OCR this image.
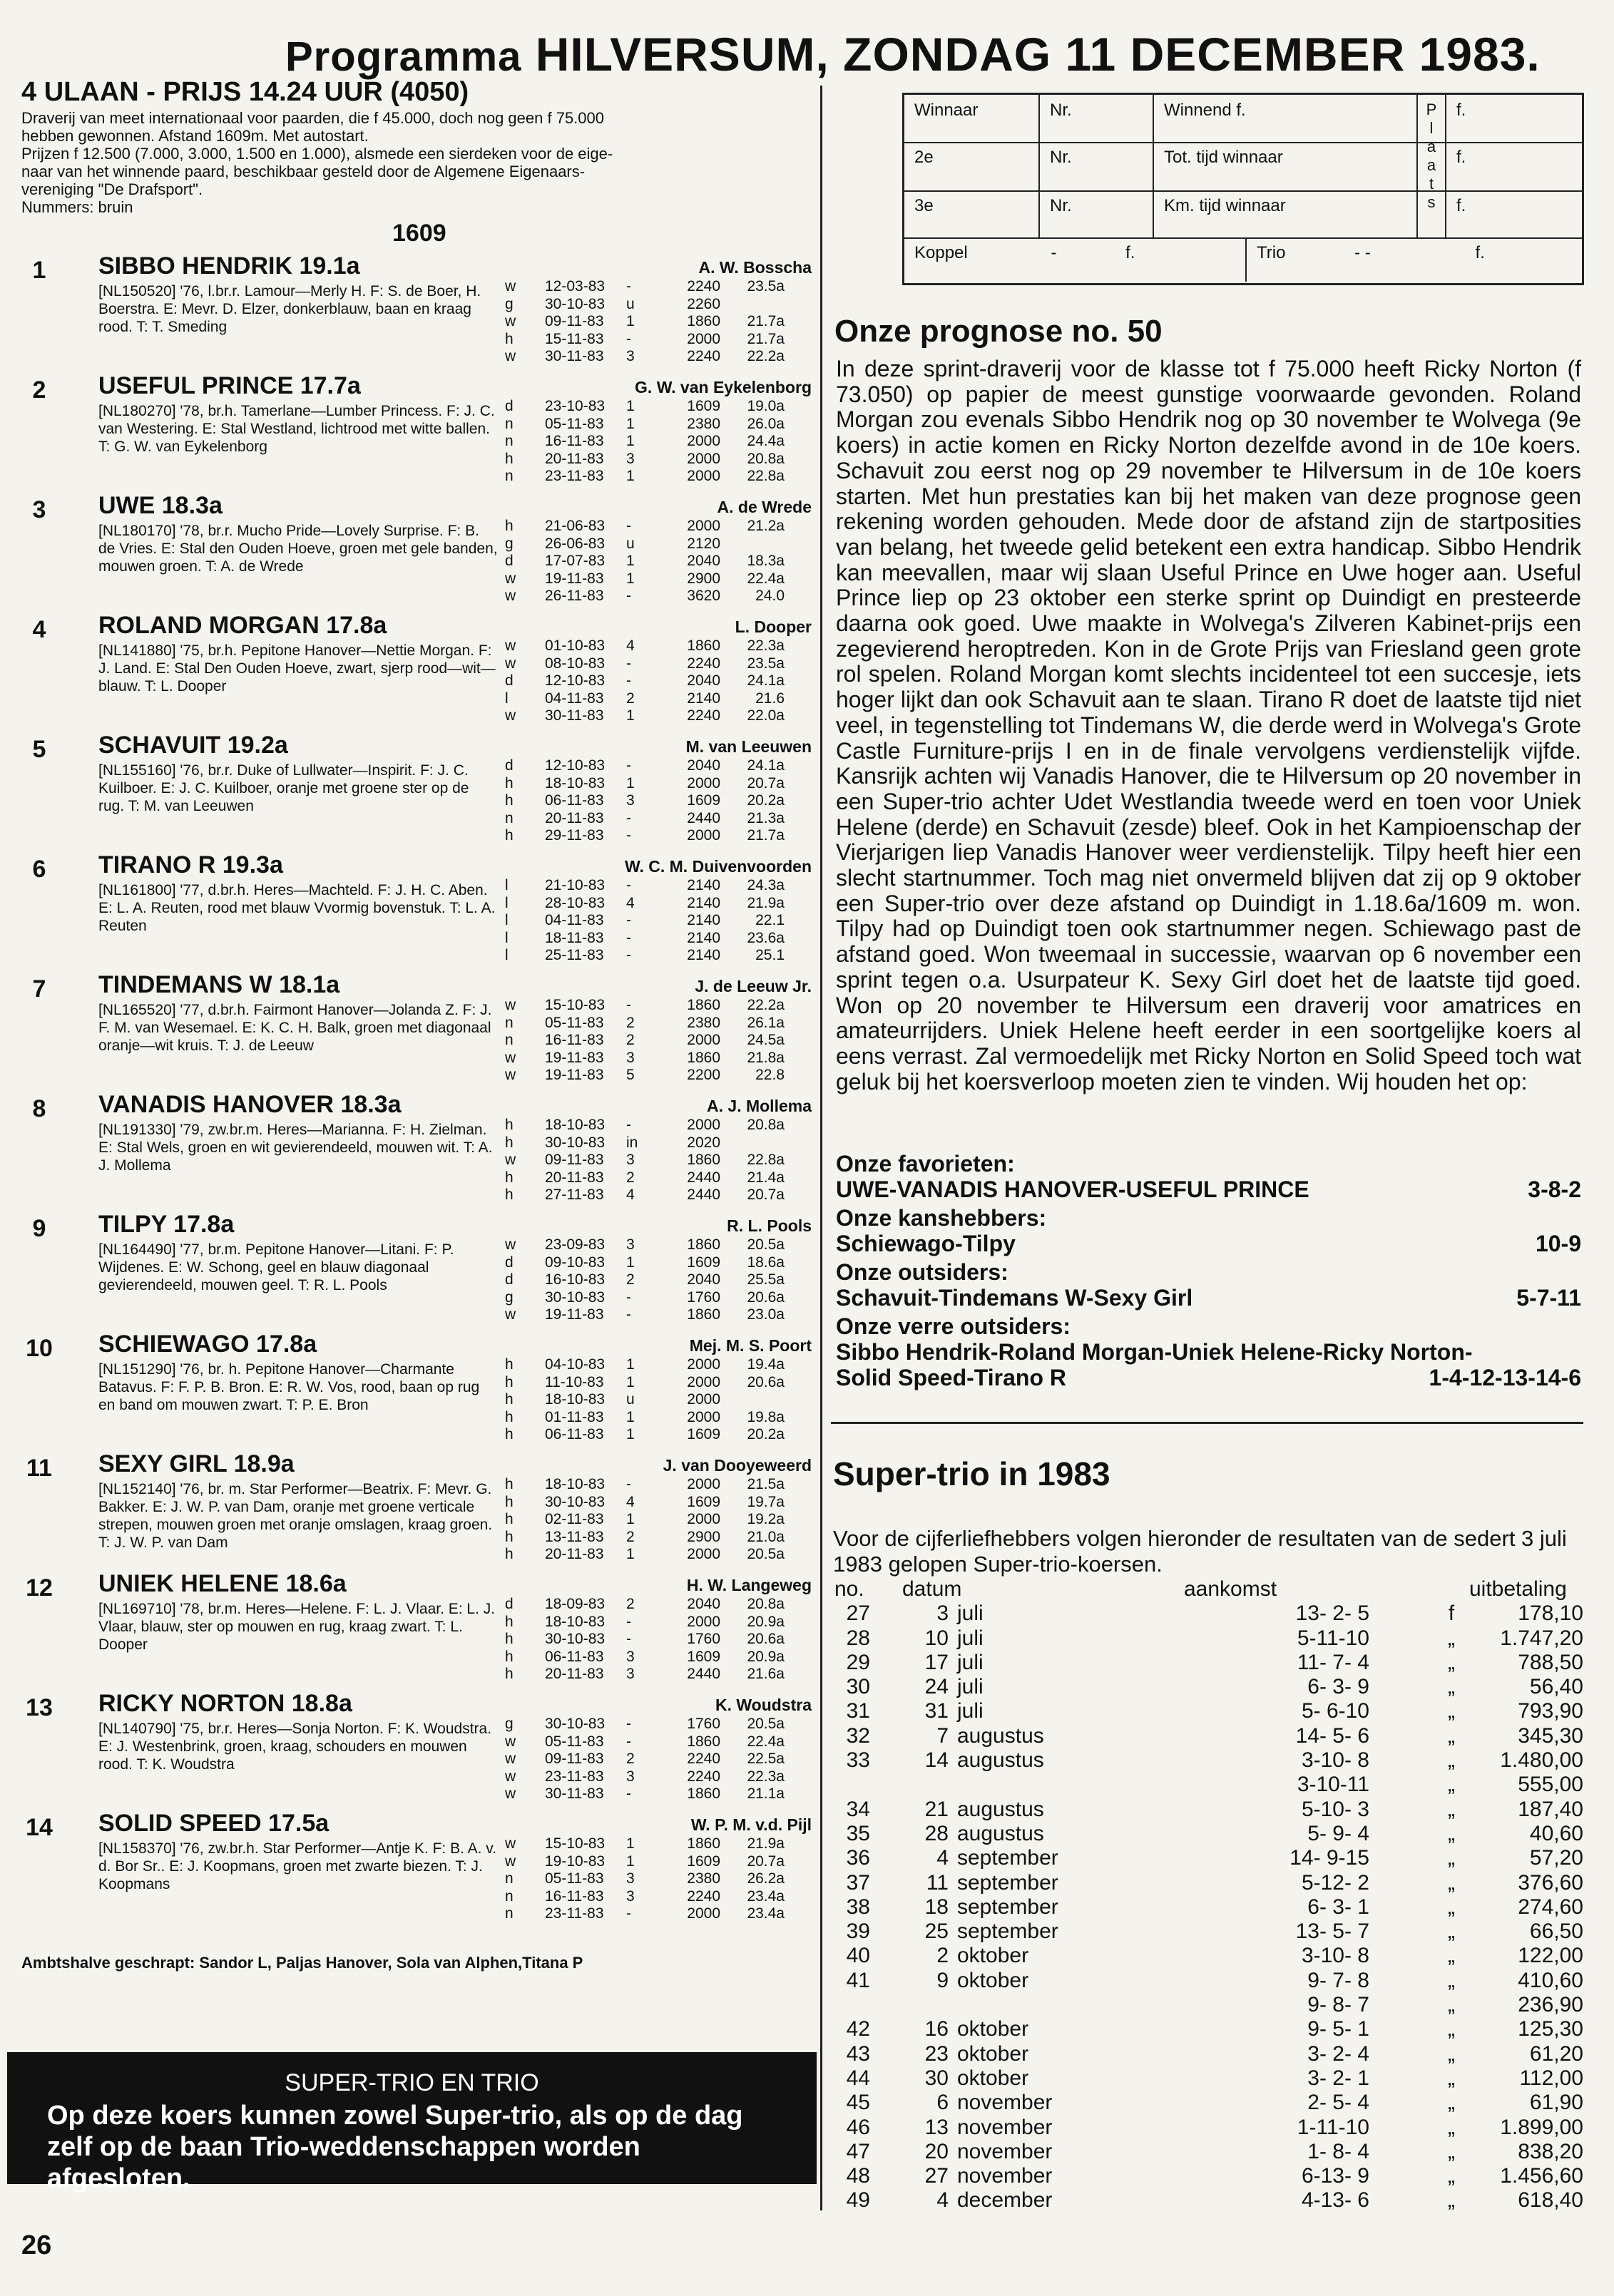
Programma HILVERSUM, ZONDAG 11 DECEMBER 1983.
4 ULAAN - PRIJS 14.24 UUR (4050)
Draverij van meet internationaal voor paarden, die f 45.000, doch nog geen f 75.000
hebben gewonnen. Afstand 1609m. Met autostart.
Prijzen f 12.500 (7.000, 3.000, 1.500 en 1.000), alsmede een sierdeken voor de eige-
naar van het winnende paard, beschikbaar gesteld door de Algemene Eigenaars-
vereniging "De Drafsport".
Nummers: bruin
1609
1	SIBBO HENDRIK 19.1a	A. W. Bosscha
[NL150520] '76, l.br.r. Lamour—Merly H. F: S. de Boer, H. Boerstra. E: Mevr. D. Elzer, donkerblauw, baan en kraag rood. T: T. Smeding
w	12-03-83	-	2240	23.5a
g	30-10-83	u	2260
w	09-11-83	1	1860	21.7a
h	15-11-83	-	2000	21.7a
w	30-11-83	3	2240	22.2a
2	USEFUL PRINCE 17.7a	G. W. van Eykelenborg
[NL180270] '78, br.h. Tamerlane—Lumber Princess. F: J. C. van Westering. E: Stal Westland, lichtrood met witte ballen. T: G. W. van Eykelenborg
d	23-10-83	1	1609	19.0a
n	05-11-83	1	2380	26.0a
n	16-11-83	1	2000	24.4a
h	20-11-83	3	2000	20.8a
n	23-11-83	1	2000	22.8a
3	UWE 18.3a	A. de Wrede
[NL180170] '78, br.r. Mucho Pride—Lovely Surprise. F: B. de Vries. E: Stal den Ouden Hoeve, groen met gele banden, mouwen groen. T: A. de Wrede
h	21-06-83	-	2000	21.2a
g	26-06-83	u	2120
d	17-07-83	1	2040	18.3a
w	19-11-83	1	2900	22.4a
w	26-11-83	-	3620	24.0
4	ROLAND MORGAN 17.8a	L. Dooper
[NL141880] '75, br.h. Pepitone Hanover—Nettie Morgan. F: J. Land. E: Stal Den Ouden Hoeve, zwart, sjerp rood—wit—blauw. T: L. Dooper
w	01-10-83	4	1860	22.3a
w	08-10-83	-	2240	23.5a
d	12-10-83	-	2040	24.1a
l	04-11-83	2	2140	21.6
w	30-11-83	1	2240	22.0a
5	SCHAVUIT 19.2a	M. van Leeuwen
[NL155160] '76, br.r. Duke of Lullwater—Inspirit. F: J. C. Kuilboer. E: J. C. Kuilboer, oranje met groene ster op de rug. T: M. van Leeuwen
d	12-10-83	-	2040	24.1a
h	18-10-83	1	2000	20.7a
h	06-11-83	3	1609	20.2a
n	20-11-83	-	2440	21.3a
h	29-11-83	-	2000	21.7a
6	TIRANO R 19.3a	W. C. M. Duivenvoorden
[NL161800] '77, d.br.h. Heres—Machteld. F: J. H. C. Aben. E: L. A. Reuten, rood met blauw Vvormig bovenstuk. T: L. A. Reuten
l	21-10-83	-	2140	24.3a
l	28-10-83	4	2140	21.9a
l	04-11-83	-	2140	22.1
l	18-11-83	-	2140	23.6a
l	25-11-83	-	2140	25.1
7	TINDEMANS W 18.1a	J. de Leeuw Jr.
[NL165520] '77, d.br.h. Fairmont Hanover—Jolanda Z. F: J. F. M. van Wesemael. E: K. C. H. Balk, groen met diagonaal oranje—wit kruis. T: J. de Leeuw
w	15-10-83	-	1860	22.2a
n	05-11-83	2	2380	26.1a
n	16-11-83	2	2000	24.5a
w	19-11-83	3	1860	21.8a
w	19-11-83	5	2200	22.8
8	VANADIS HANOVER 18.3a	A. J. Mollema
[NL191330] '79, zw.br.m. Heres—Marianna. F: H. Zielman. E: Stal Wels, groen en wit gevierendeeld, mouwen wit. T: A. J. Mollema
h	18-10-83	-	2000	20.8a
h	30-10-83	in	2020
w	09-11-83	3	1860	22.8a
h	20-11-83	2	2440	21.4a
h	27-11-83	4	2440	20.7a
9	TILPY 17.8a	R. L. Pools
[NL164490] '77, br.m. Pepitone Hanover—Litani. F: P. Wijdenes. E: W. Schong, geel en blauw diagonaal gevierendeeld, mouwen geel. T: R. L. Pools
w	23-09-83	3	1860	20.5a
d	09-10-83	1	1609	18.6a
d	16-10-83	2	2040	25.5a
g	30-10-83	-	1760	20.6a
w	19-11-83	-	1860	23.0a
10	SCHIEWAGO 17.8a	Mej. M. S. Poort
[NL151290] '76, br. h. Pepitone Hanover—Charmante Batavus. F: F. P. B. Bron. E: R. W. Vos, rood, baan op rug en band om mouwen zwart. T: P. E. Bron
h	04-10-83	1	2000	19.4a
h	11-10-83	1	2000	20.6a
h	18-10-83	u	2000
h	01-11-83	1	2000	19.8a
h	06-11-83	1	1609	20.2a
11	SEXY GIRL 18.9a	J. van Dooyeweerd
[NL152140] '76, br. m. Star Performer—Beatrix. F: Mevr. G. Bakker. E: J. W. P. van Dam, oranje met groene verticale strepen, mouwen groen met oranje omslagen, kraag groen. T: J. W. P. van Dam
h	18-10-83	-	2000	21.5a
h	30-10-83	4	1609	19.7a
h	02-11-83	1	2000	19.2a
h	13-11-83	2	2900	21.0a
h	20-11-83	1	2000	20.5a
12	UNIEK HELENE 18.6a	H. W. Langeweg
[NL169710] '78, br.m. Heres—Helene. F: L. J. Vlaar. E: L. J. Vlaar, blauw, ster op mouwen en rug, kraag zwart. T: L. Dooper
d	18-09-83	2	2040	20.8a
h	18-10-83	-	2000	20.9a
h	30-10-83	-	1760	20.6a
h	06-11-83	3	1609	20.9a
h	20-11-83	3	2440	21.6a
13	RICKY NORTON 18.8a	K. Woudstra
[NL140790] '75, br.r. Heres—Sonja Norton. F: K. Woudstra. E: J. Westenbrink, groen, kraag, schouders en mouwen rood. T: K. Woudstra
g	30-10-83	-	1760	20.5a
w	05-11-83	-	1860	22.4a
w	09-11-83	2	2240	22.5a
w	23-11-83	3	2240	22.3a
w	30-11-83	-	1860	21.1a
14	SOLID SPEED 17.5a	W. P. M. v.d. Pijl
[NL158370] '76, zw.br.h. Star Performer—Antje K. F: B. A. v. d. Bor Sr.. E: J. Koopmans, groen met zwarte biezen. T: J. Koopmans
w	15-10-83	1	1860	21.9a
w	19-10-83	1	1609	20.7a
n	05-11-83	3	2380	26.2a
n	16-11-83	3	2240	23.4a
n	23-11-83	-	2000	23.4a
Ambtshalve geschrapt: Sandor L, Paljas Hanover, Sola van Alphen,Titana P
SUPER-TRIO EN TRIO
Op deze koers kunnen zowel Super-trio, als op de dag zelf op de baan Trio-weddenschappen worden afgesloten.
26
Winnaar	Nr.	Winnend f.	f.
2e	Nr.	Tot. tijd winnaar	f.
3e	Nr.	Km. tijd winnaar	f.
P
l
a
a
t
s
Koppel	-	f.	Trio	- -	f.
Onze prognose no. 50
In deze sprint-draverij voor de klasse tot f 75.000 heeft Ricky Norton (f 73.050) op papier de meest gunstige voorwaarde gevonden. Roland Morgan zou evenals Sibbo Hendrik nog op 30 november te Wolvega (9e koers) in actie komen en Ricky Norton dezelfde avond in de 10e koers. Schavuit zou eerst nog op 29 november te Hilversum in de 10e koers starten. Met hun prestaties kan bij het maken van deze prognose geen rekening worden gehouden. Mede door de afstand zijn de startposities van belang, het tweede gelid betekent een extra handicap. Sibbo Hendrik kan meevallen, maar wij slaan Useful Prince en Uwe hoger aan. Useful Prince liep op 23 oktober een sterke sprint op Duindigt en presteerde daarna ook goed. Uwe maakte in Wolvega's Zilveren Kabinet-prijs een zegevierend heroptreden. Kon in de Grote Prijs van Friesland geen grote rol spelen. Roland Morgan komt slechts incidenteel tot een succesje, iets hoger lijkt dan ook Schavuit aan te slaan. Tirano R doet de laatste tijd niet veel, in tegenstelling tot Tindemans W, die derde werd in Wolvega's Grote Castle Furniture-prijs I en in de finale vervolgens verdienstelijk vijfde. Kansrijk achten wij Vanadis Hanover, die te Hilversum op 20 november in een Super-trio achter Udet Westlandia tweede werd en toen voor Uniek Helene (derde) en Schavuit (zesde) bleef. Ook in het Kampioenschap der Vierjarigen liep Vanadis Hanover weer verdienstelijk. Tilpy heeft hier een slecht startnummer. Toch mag niet onvermeld blijven dat zij op 9 oktober een Super-trio over deze afstand op Duindigt in 1.18.6a/1609 m. won. Tilpy had op Duindigt toen ook startnummer negen. Schiewago past de afstand goed. Won tweemaal in successie, waarvan op 6 november een sprint tegen o.a. Usurpateur K. Sexy Girl doet het de laatste tijd goed. Won op 20 november te Hilversum een draverij voor amatrices en amateurrijders. Uniek Helene heeft eerder in een soortgelijke koers al eens verrast. Zal vermoedelijk met Ricky Norton en Solid Speed toch wat geluk bij het koersverloop moeten zien te vinden. Wij houden het op:
Onze favorieten:
UWE-VANADIS HANOVER-USEFUL PRINCE	3-8-2
Onze kanshebbers:
Schiewago-Tilpy	10-9
Onze outsiders:
Schavuit-Tindemans W-Sexy Girl	5-7-11
Onze verre outsiders:
Sibbo Hendrik-Roland Morgan-Uniek Helene-Ricky Norton-
Solid Speed-Tirano R	1-4-12-13-14-6
Super-trio in 1983
Voor de cijferliefhebbers volgen hieronder de resultaten van de sedert 3 juli 1983 gelopen Super-trio-koersen.
no. datum	aankomst	uitbetaling
27	3 juli	13- 2- 5	f	178,10
28	10 juli	5-11-10	„	1.747,20
29	17 juli	11- 7- 4	„	788,50
30	24 juli	6- 3- 9	„	56,40
31	31 juli	5- 6-10	„	793,90
32	7 augustus	14- 5- 6	„	345,30
33	14 augustus	3-10- 8	„	1.480,00
3-10-11	„	555,00
34	21 augustus	5-10- 3	„	187,40
35	28 augustus	5- 9- 4	„	40,60
36	4 september	14- 9-15	„	57,20
37	11 september	5-12- 2	„	376,60
38	18 september	6- 3- 1	„	274,60
39	25 september	13- 5- 7	„	66,50
40	2 oktober	3-10- 8	„	122,00
41	9 oktober	9- 7- 8	„	410,60
9- 8- 7	„	236,90
42	16 oktober	9- 5- 1	„	125,30
43	23 oktober	3- 2- 4	„	61,20
44	30 oktober	3- 2- 1	„	112,00
45	6 november	2- 5- 4	„	61,90
46	13 november	1-11-10	„	1.899,00
47	20 november	1- 8- 4	„	838,20
48	27 november	6-13- 9	„	1.456,60
49	4 december	4-13- 6	„	618,40
